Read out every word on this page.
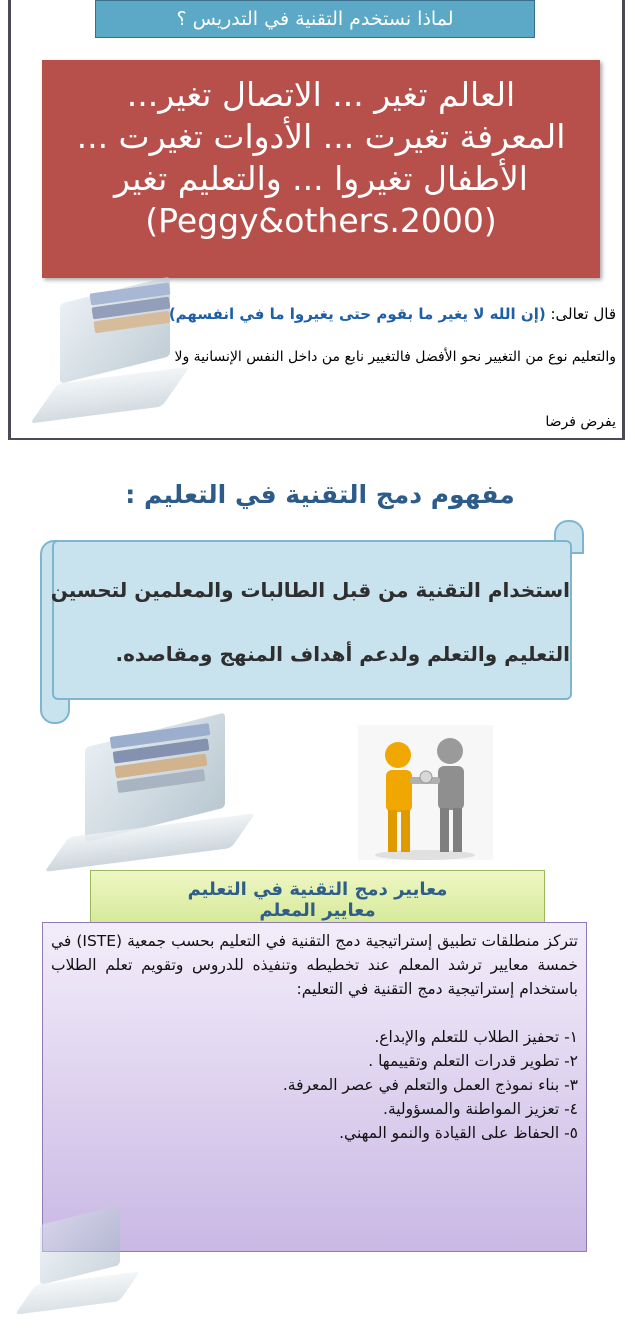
لماذا نستخدم التقنية في التدريس ؟
العالم تغير ... الاتصال تغير...
المعرفة تغيرت ... الأدوات تغيرت ...
الأطفال تغيروا ... والتعليم تغير
(Peggy&others.2000)
قال تعالى: (إن الله لا يغير ما بقوم حتى يغيروا ما في انفسهم)
والتعليم نوع من التغيير نحو الأفضل فالتغيير نابع من داخل النفس الإنسانية ولا
يفرض فرضا
مفهوم دمج التقنية في التعليم :
استخدام التقنية من قبل الطالبات والمعلمين لتحسين
التعليم والتعلم ولدعم أهداف المنهج ومقاصده.
معايير دمج التقنية في التعليم
معايير المعلم
تتركز منطلقات تطبيق إستراتيجية دمج التقنية في التعليم بحسب جمعية (ISTE) في خمسة معايير ترشد المعلم عند تخطيطه وتنفيذه للدروس وتقويم تعلم الطلاب باستخدام إستراتيجية دمج التقنية في التعليم:
١- تحفيز الطلاب للتعلم والإبداع.
٢- تطوير قدرات التعلم وتقييمها .
٣- بناء نموذج العمل والتعلم في عصر المعرفة.
٤- تعزيز المواطنة والمسؤولية.
٥- الحفاظ على القيادة والنمو المهني.
